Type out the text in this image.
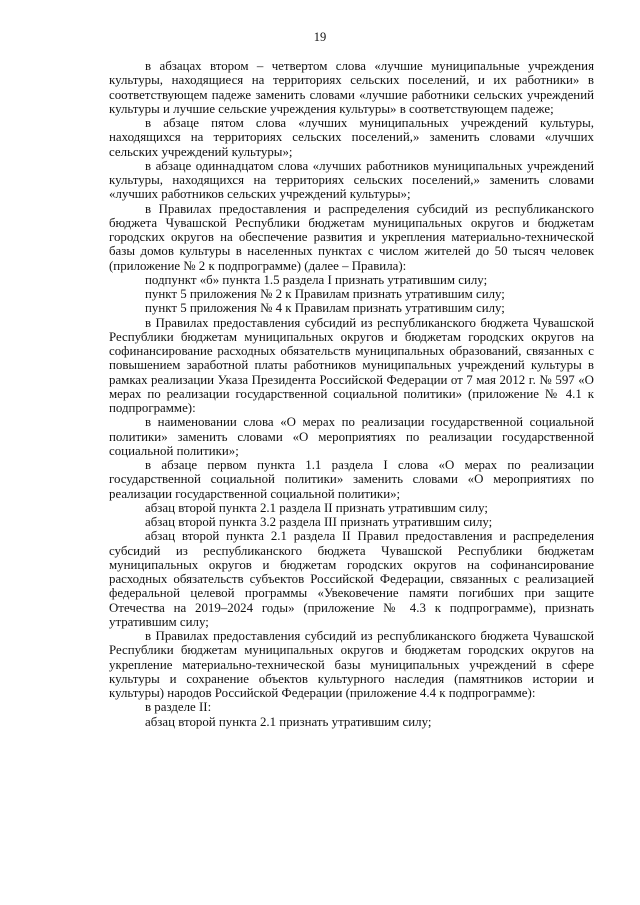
19

в абзацах втором – четвертом слова «лучшие муниципальные учреждения культуры, находящиеся на территориях сельских поселений, и их работники» в соответствующем падеже заменить словами «лучшие работники сельских учреждений культуры и лучшие сельские учреждения культуры» в соответствующем падеже;

в абзаце пятом слова «лучших муниципальных учреждений культуры, находящихся на территориях сельских поселений,» заменить словами «лучших сельских учреждений культуры»;

в абзаце одиннадцатом слова «лучших работников муниципальных учреждений культуры, находящихся на территориях сельских поселений,» заменить словами «лучших работников сельских учреждений культуры»;

в Правилах предоставления и распределения субсидий из республиканского бюджета Чувашской Республики бюджетам муниципальных округов и бюджетам городских округов на обеспечение развития и укрепления материально-технической базы домов культуры в населенных пунктах с числом жителей до 50 тысяч человек (приложение № 2 к подпрограмме) (далее – Правила):

подпункт «б» пункта 1.5 раздела I признать утратившим силу;

пункт 5 приложения № 2 к Правилам признать утратившим силу;

пункт 5 приложения № 4 к Правилам признать утратившим силу;

в Правилах предоставления субсидий из республиканского бюджета Чувашской Республики бюджетам муниципальных округов и бюджетам городских округов на софинансирование расходных обязательств муниципальных образований, связанных с повышением заработной платы работников муниципальных учреждений культуры в рамках реализации Указа Президента Российской Федерации от 7 мая 2012 г. № 597 «О мерах по реализации государственной социальной политики» (приложение № 4.1 к подпрограмме):

в наименовании слова «О мерах по реализации государственной социальной политики» заменить словами «О мероприятиях по реализации государственной социальной политики»;

в абзаце первом пункта 1.1 раздела I слова «О мерах по реализации государственной социальной политики» заменить словами «О мероприятиях по реализации государственной социальной политики»;

абзац второй пункта 2.1 раздела II признать утратившим силу;

абзац второй пункта 3.2 раздела III признать утратившим силу;

абзац второй пункта 2.1 раздела II Правил предоставления и распределения субсидий из республиканского бюджета Чувашской Республики бюджетам муниципальных округов и бюджетам городских округов на софинансирование расходных обязательств субъектов Российской Федерации, связанных с реализацией федеральной целевой программы «Увековечение памяти погибших при защите Отечества на 2019–2024 годы» (приложение № 4.3 к подпрограмме), признать утратившим силу;

в Правилах предоставления субсидий из республиканского бюджета Чувашской Республики бюджетам муниципальных округов и бюджетам городских округов на укрепление материально-технической базы муниципальных учреждений в сфере культуры и сохранение объектов культурного наследия (памятников истории и культуры) народов Российской Федерации (приложение 4.4 к подпрограмме):

в разделе II:

абзац второй пункта 2.1 признать утратившим силу;
